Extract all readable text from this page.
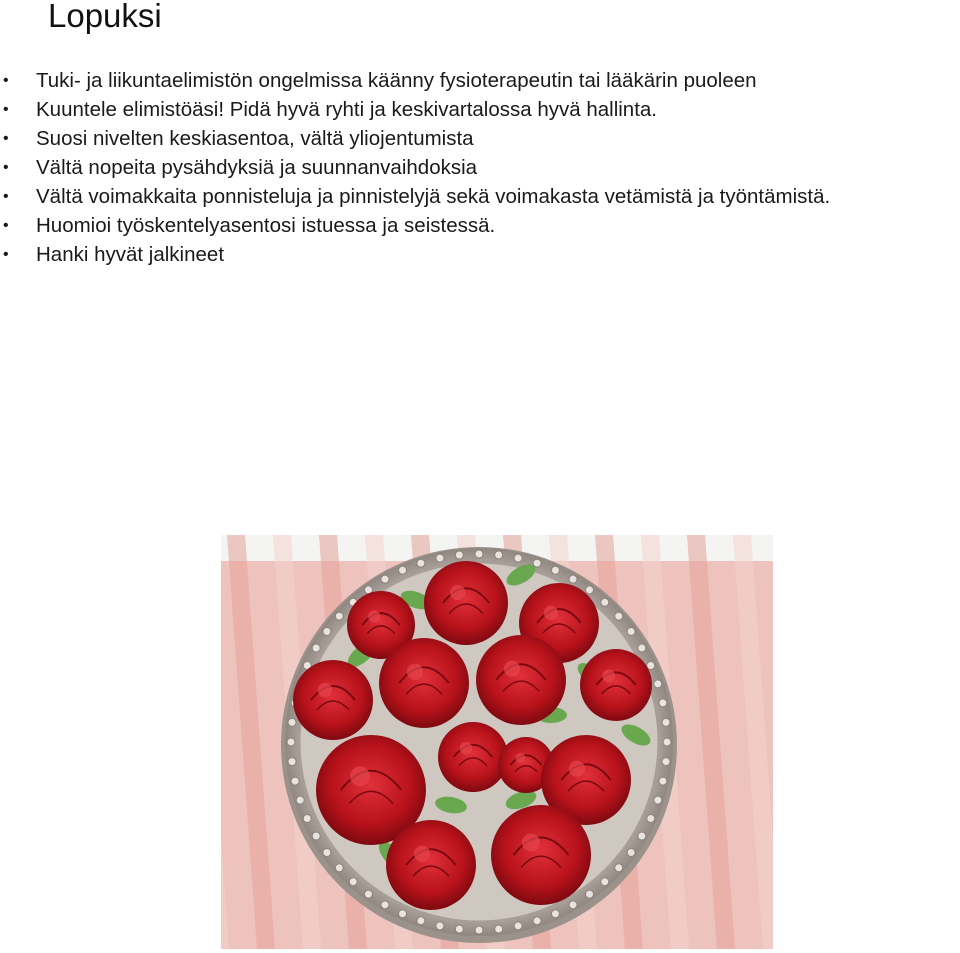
Lopuksi
• Tuki- ja liikuntaelimistön ongelmissa käänny fysioterapeutin tai lääkärin puoleen
• Kuuntele elimistöäsi! Pidä hyvä ryhti ja keskivartalossa hyvä hallinta.
• Suosi nivelten keskiasentoa, vältä yliojentumista
• Vältä nopeita pysähdyksiä ja suunnanvaihdoksia
• Vältä voimakkaita ponnisteluja ja pinnistelyjä sekä voimakasta vetämistä ja työntämistä.
• Huomioi työskentelyasentosi istuessa ja seistessä.
• Hanki hyvät jalkineet
